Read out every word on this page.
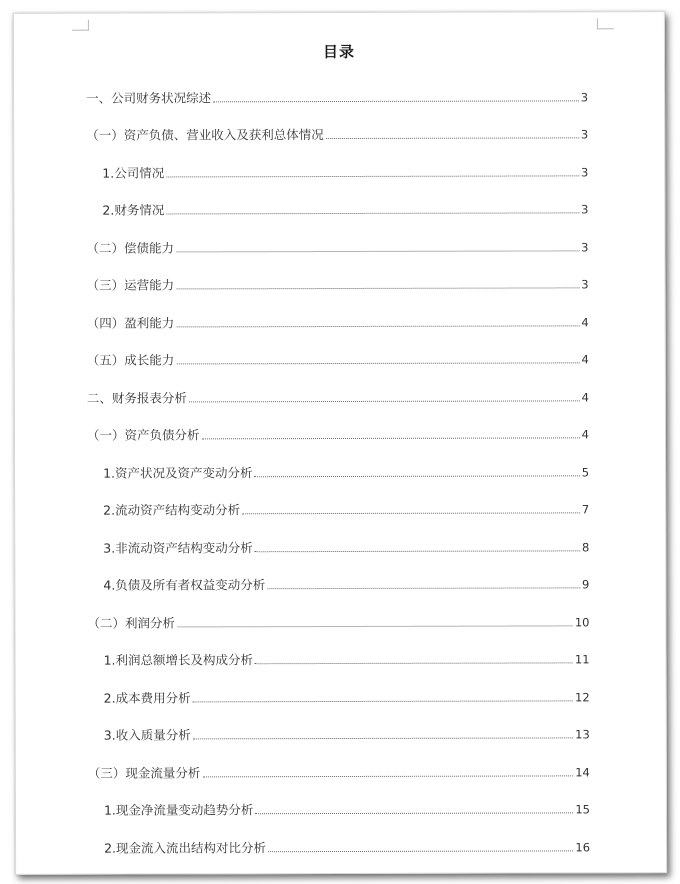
目录
一、公司财务状况综述	3
（一）资产负债、营业收入及获利总体情况	3
1.公司情况	3
2.财务情况	3
（二）偿债能力	3
（三）运营能力	3
（四）盈利能力	4
（五）成长能力	4
二、财务报表分析	4
（一）资产负债分析	4
1.资产状况及资产变动分析	5
2.流动资产结构变动分析	7
3.非流动资产结构变动分析	8
4.负债及所有者权益变动分析	9
（二）利润分析	10
1.利润总额增长及构成分析	11
2.成本费用分析	12
3.收入质量分析	13
（三）现金流量分析	14
1.现金净流量变动趋势分析	15
2.现金流入流出结构对比分析	16
